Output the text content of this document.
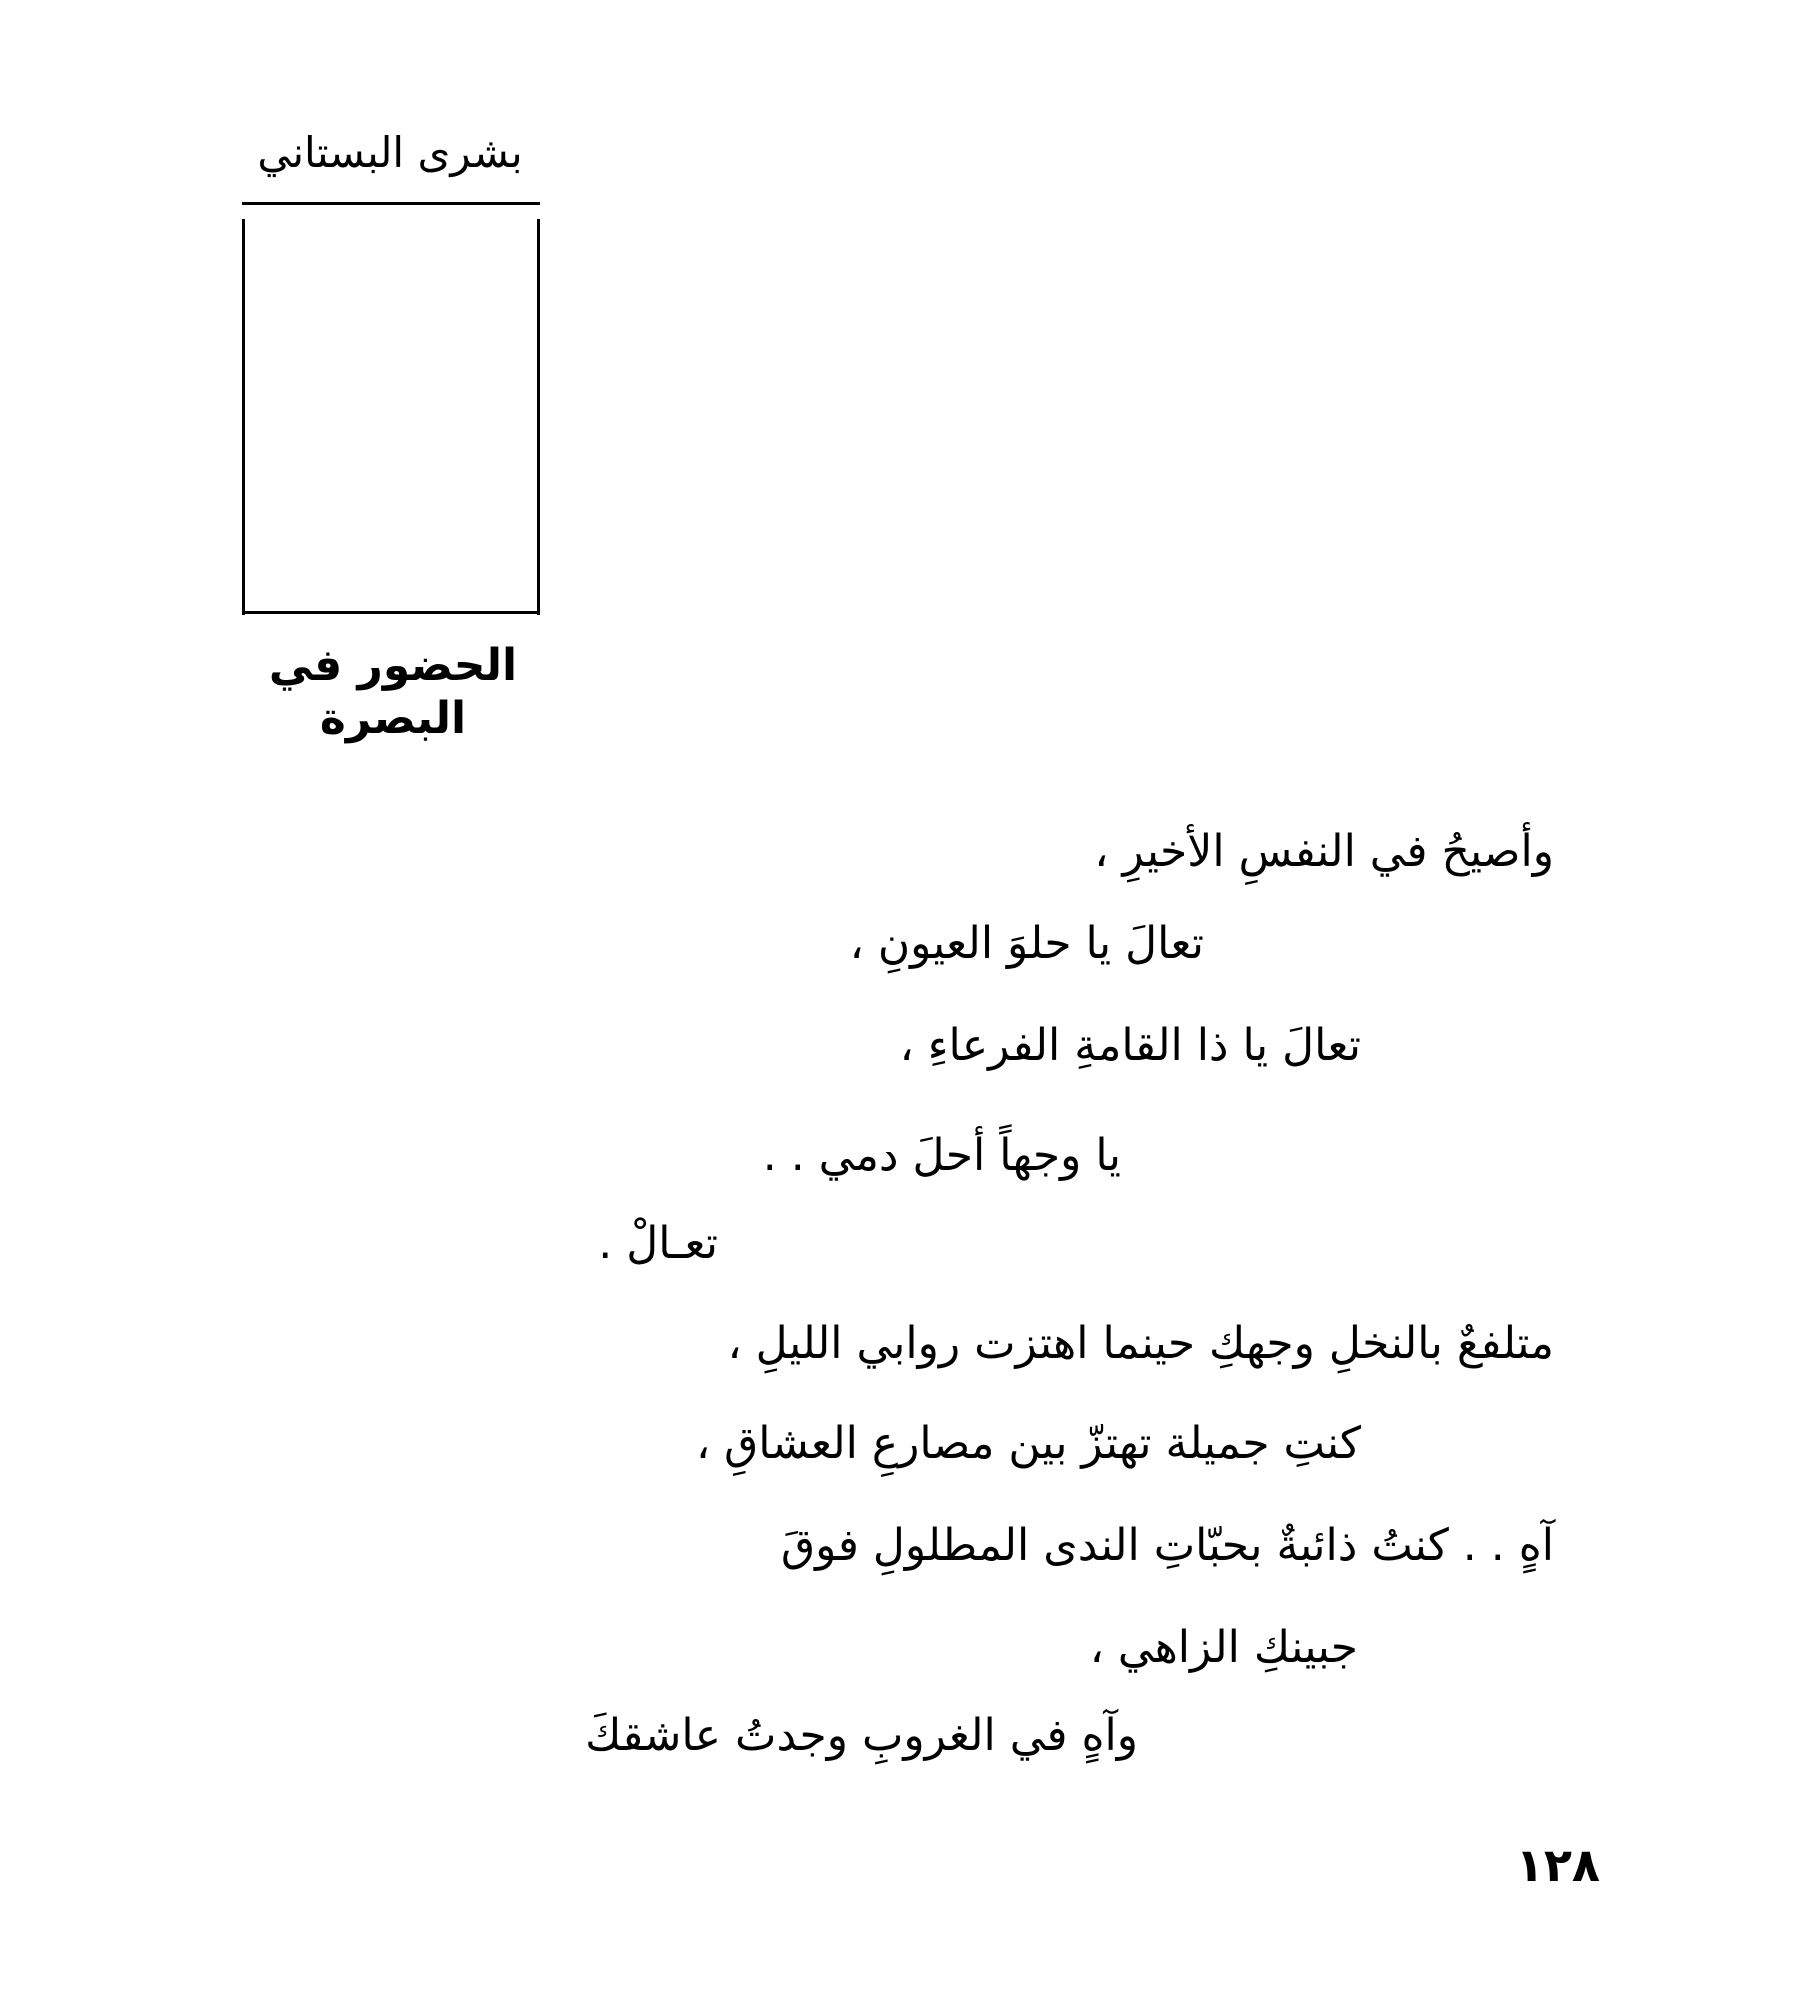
بشرى البستاني
الحضور في البصرة
وأصيحُ في النفسِ الأخيرِ ،
تعالَ يا حلوَ العيونِ ،
تعالَ يا ذا القامةِ الفرعاءِ ،
يا وجهاً أحلَ دمي . .
تعـالْ .
متلفعٌ بالنخلِ وجهكِ حينما اهتزت روابي الليلِ ،
كنتِ جميلة تهتزّ بين مصارعِ العشاقِ ،
آهٍ . . كنتُ ذائبةٌ بحبّاتِ الندى المطلولِ فوقَ
جبينكِ الزاهي ،
وآهٍ في الغروبِ وجدتُ عاشقكَ
١٢٨
